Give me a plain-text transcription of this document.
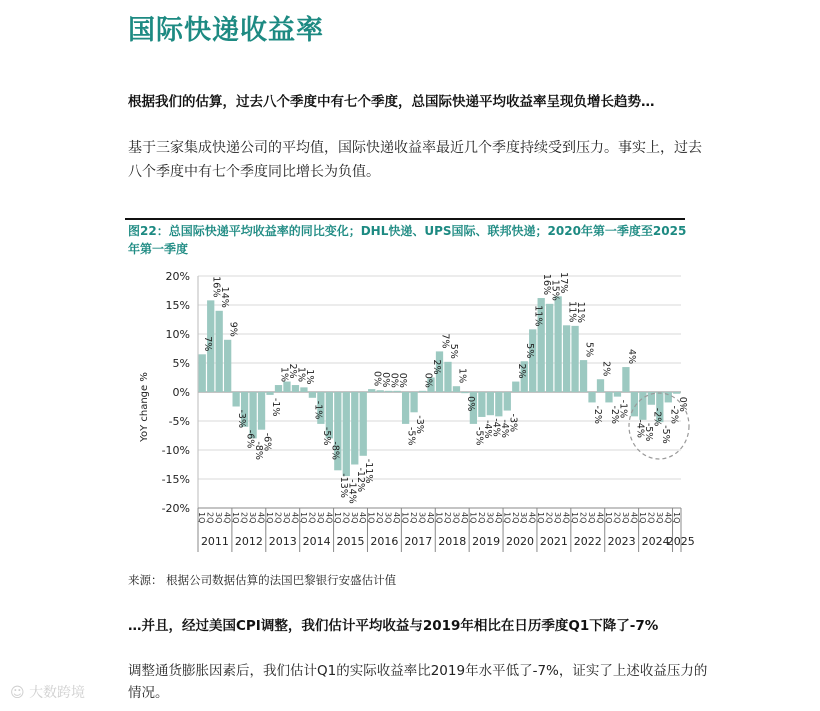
国际快递收益率
根据我们的估算，过去八个季度中有七个季度，总国际快递平均收益率呈现负增长趋势…
基于三家集成快递公司的平均值，国际快递收益率最近几个季度持续受到压力。事实上，过去八个季度中有七个季度同比增长为负值。
图22：总国际快递平均收益率的同比变化；DHL快递、UPS国际、联邦快递；2020年第一季度至2025年第一季度
7%
16%
14%
9%
-3%
-6%
-8%
-6%
-1%
1%
2%
1%
1%
-1%
-5%
-8%
-13%
-14%
-12%
-11%
0%
0%
0%
0%
-5%
-3%
0%
2%
7%
5%
1%
0%
-5%
-4%
-4%
-4%
-3%
2%
5%
11%
16%
15%
17%
11%
11%
5%
-2%
2%
-2%
-1%
4%
-4%
-5%
-2%
-5%
-2%
0%
20%
15%
10%
5%
0%
-5%
-10%
-15%
-20%
1Q 2Q 3Q 4Q 1Q 2Q 3Q 4Q 1Q 2Q 3Q 4Q 1Q 2Q 3Q 4Q 1Q 2Q 3Q 4Q 1Q 2Q 3Q 4Q 1Q 2Q 3Q 4Q 1Q 2Q 3Q 4Q 1Q 2Q 3Q 4Q 1Q 2Q 3Q 4Q 1Q 2Q 3Q 4Q 1Q 2Q 3Q 4Q 1Q 2Q 3Q 4Q 1Q 2Q 3Q 4Q 1Q
2011 2012 2013 2014 2015 2016 2017 2018 2019 2020 2021 2022 2023 2024
2025
YoY change %
来源： 根据公司数据估算的法国巴黎银行安盛估计值
…并且，经过美国CPI调整，我们估计平均收益与2019年相比在日历季度Q1下降了-7%
调整通货膨胀因素后，我们估计Q1的实际收益率比2019年水平低了-7%，证实了上述收益压力的情况。
☺ 大数跨境
